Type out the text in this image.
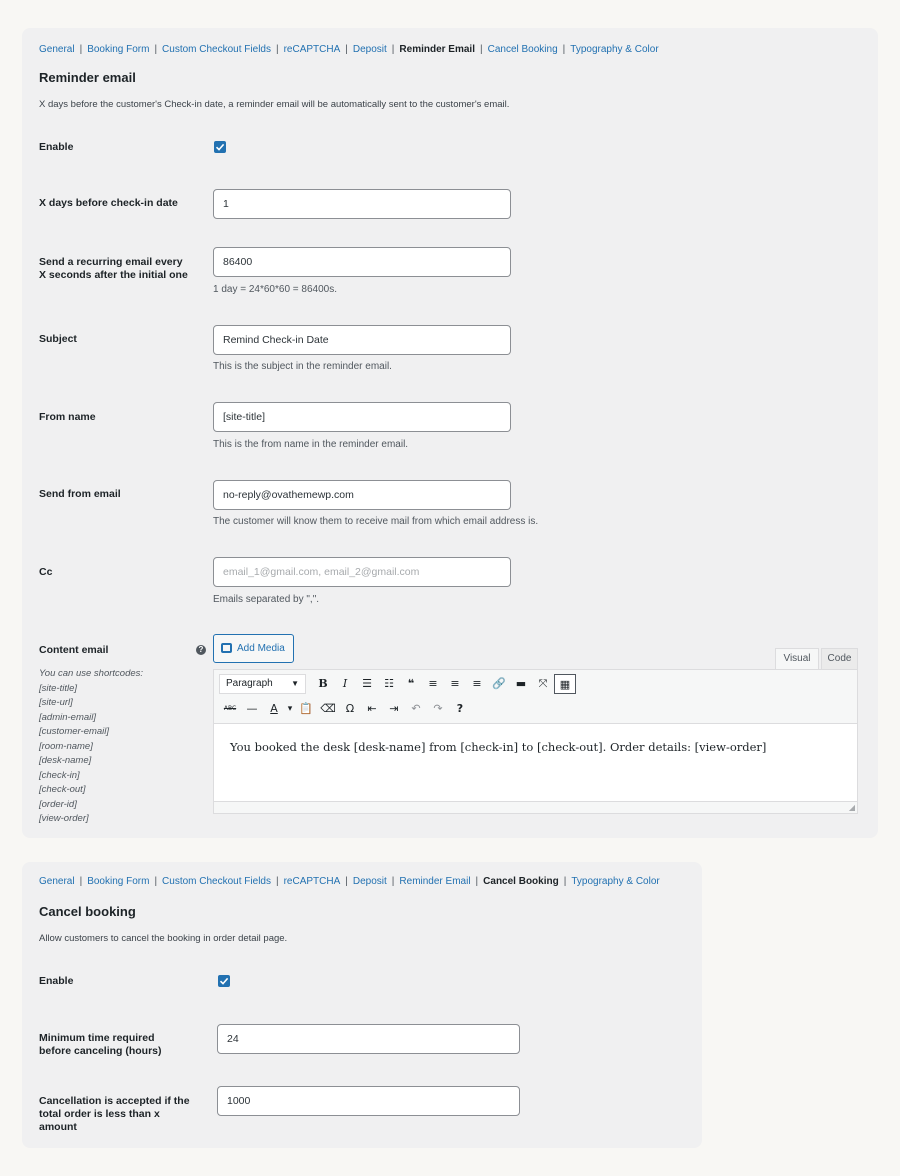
General | Booking Form | Custom Checkout Fields | reCAPTCHA | Deposit | Reminder Email | Cancel Booking | Typography & Color
Reminder email
X days before the customer's Check-in date, a reminder email will be automatically sent to the customer's email.
Enable
X days before check-in date	1
Send a recurring email every X seconds after the initial one
86400
1 day = 24*60*60 = 86400s.
Subject	Remind Check-in Date
This is the subject in the reminder email.
From name	[site-title]
This is the from name in the reminder email.
Send from email	no-reply@ovathemewp.com
The customer will know them to receive mail from which email address is.
Cc	email_1@gmail.com, email_2@gmail.com
Emails separated by ",".
Content email	?
You can use shortcodes:
[site-title]
[site-url]
[admin-email]
[customer-email]
[room-name]
[desk-name]
[check-in]
[check-out]
[order-id]
[view-order]
Add Media
Visual	Code
Paragraph ▼	B	I	☰	☷	❝	≡	≡	≡ 🔗 ▬	⤧	▦
ABC —	A	▾ 📋 ⌫ Ω	⇤	⇥	↶	↷	?
You booked the desk [desk-name] from [check-in] to [check-out]. Order details: [view-order]
◢
General | Booking Form | Custom Checkout Fields | reCAPTCHA | Deposit | Reminder Email | Cancel Booking | Typography & Color
Cancel booking
Allow customers to cancel the booking in order detail page.
Enable
Minimum time required before canceling (hours)
24
Cancellation is accepted if the total order is less than x amount
1000
